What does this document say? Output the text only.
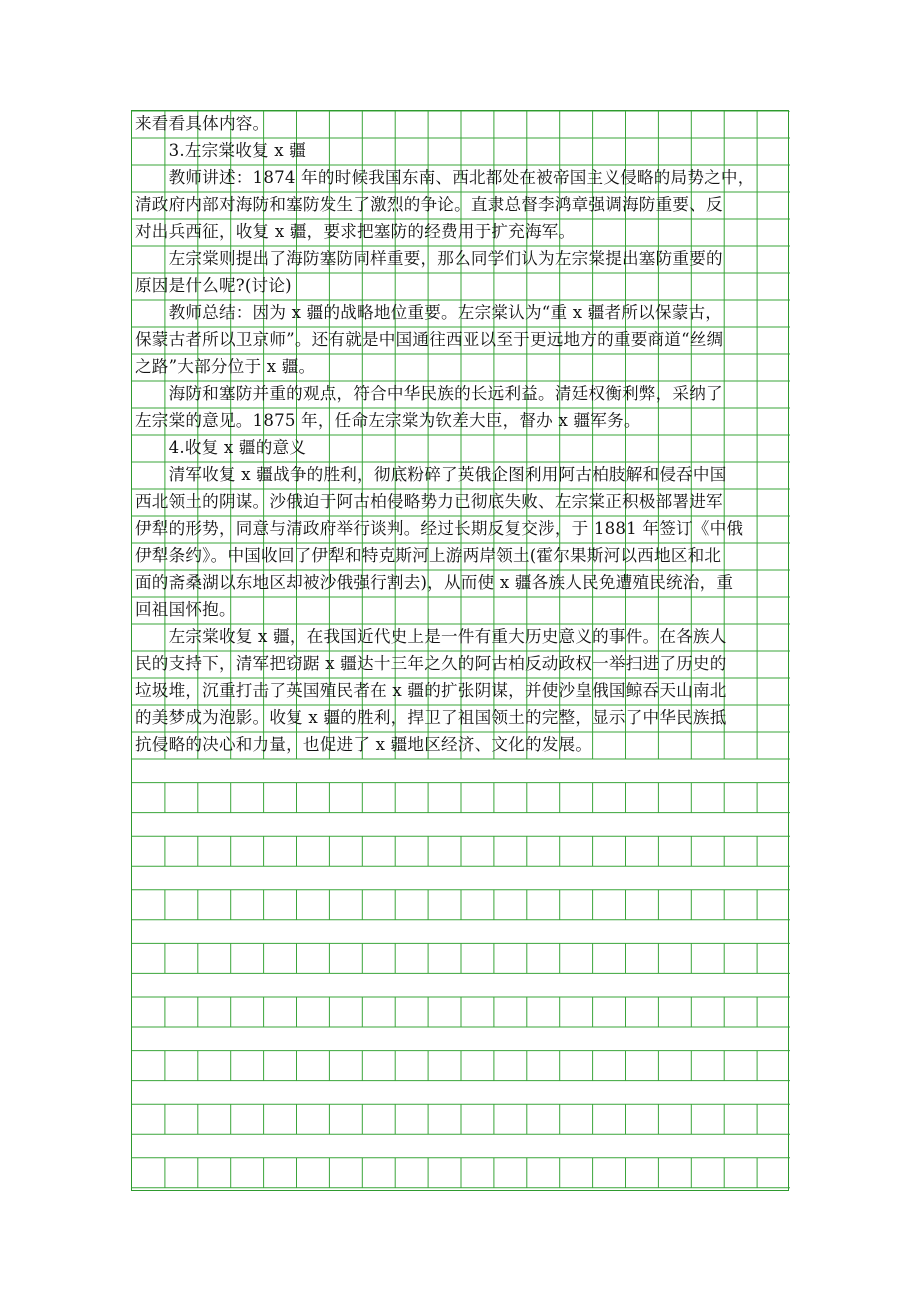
来看看具体内容。
　　3.左宗棠收复 x 疆
　　教师讲述：1874 年的时候我国东南、西北都处在被帝国主义侵略的局势之中，
清政府内部对海防和塞防发生了激烈的争论。直隶总督李鸿章强调海防重要、反
对出兵西征，收复 x 疆，要求把塞防的经费用于扩充海军。
　　左宗棠则提出了海防塞防同样重要，那么同学们认为左宗棠提出塞防重要的
原因是什么呢?(讨论)
　　教师总结：因为 x 疆的战略地位重要。左宗棠认为“重 x 疆者所以保蒙古，
保蒙古者所以卫京师”。还有就是中国通往西亚以至于更远地方的重要商道“丝绸
之路”大部分位于 x 疆。
　　海防和塞防并重的观点，符合中华民族的长远利益。清廷权衡利弊，采纳了
左宗棠的意见。1875 年，任命左宗棠为钦差大臣，督办 x 疆军务。
　　4.收复 x 疆的意义
　　清军收复 x 疆战争的胜利，彻底粉碎了英俄企图利用阿古柏肢解和侵吞中国
西北领土的阴谋。沙俄迫于阿古柏侵略势力已彻底失败、左宗棠正积极部署进军
伊犁的形势，同意与清政府举行谈判。经过长期反复交涉，于 1881 年签订《中俄
伊犁条约》。中国收回了伊犁和特克斯河上游两岸领土(霍尔果斯河以西地区和北
面的斋桑湖以东地区却被沙俄强行割去)，从而使 x 疆各族人民免遭殖民统治，重
回祖国怀抱。
　　左宗棠收复 x 疆，在我国近代史上是一件有重大历史意义的事件。在各族人
民的支持下，清军把窃踞 x 疆达十三年之久的阿古柏反动政权一举扫进了历史的
垃圾堆，沉重打击了英国殖民者在 x 疆的扩张阴谋，并使沙皇俄国鲸吞天山南北
的美梦成为泡影。收复 x 疆的胜利，捍卫了祖国领土的完整，显示了中华民族抵
抗侵略的决心和力量，也促进了 x 疆地区经济、文化的发展。
